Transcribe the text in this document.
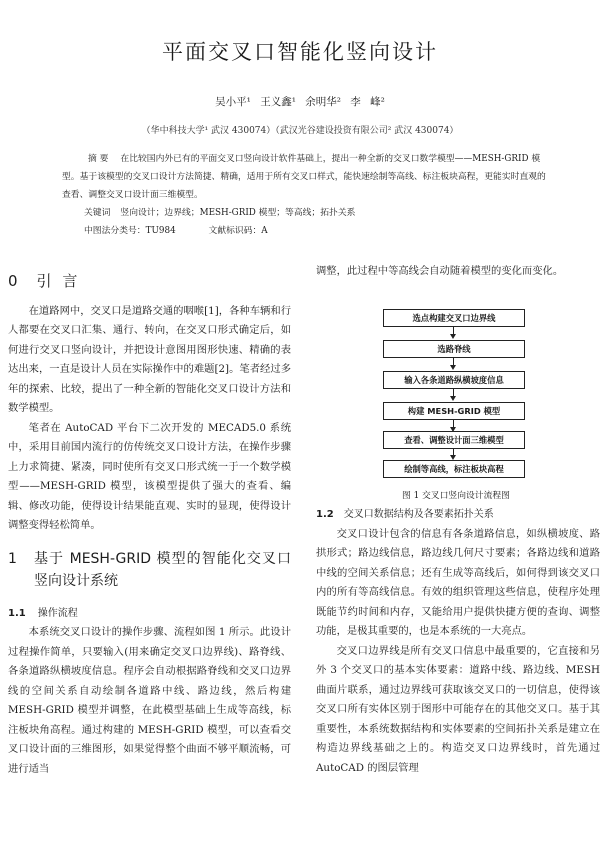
平面交叉口智能化竖向设计
吴小平¹ 王义鑫¹ 余明华² 李 峰²
（华中科技大学¹ 武汉 430074）（武汉光谷建设投资有限公司² 武汉 430074）
摘 要 在比较国内外已有的平面交叉口竖向设计软件基础上，提出一种全新的交叉口数学模型——MESH-GRID 模型。基于该模型的交叉口设计方法简捷、精确，适用于所有交叉口样式，能快速绘制等高线、标注板块高程，更能实时直观的查看、调整交叉口设计面三维模型。
关键词 竖向设计；边界线；MESH-GRID 模型；等高线；拓扑关系
中图法分类号：TU984	文献标识码：A
0 引 言

在道路网中，交叉口是道路交通的咽喉[1]，各种车辆和行人都要在交叉口汇集、通行、转向，在交叉口形式确定后，如何进行交叉口竖向设计，并把设计意图用图形快速、精确的表达出来，一直是设计人员在实际操作中的难题[2]。笔者经过多年的探索、比较，提出了一种全新的智能化交叉口设计方法和数学模型。

笔者在 AutoCAD 平台下二次开发的 MECAD5.0 系统中，采用目前国内流行的仿传统交叉口设计方法，在操作步骤上力求简捷、紧凑，同时使所有交叉口形式统一于一个数学模型——MESH-GRID 模型，该模型提供了强大的查看、编辑、修改功能，使得设计结果能直观、实时的显现，使得设计调整变得轻松简单。

1	基于 MESH-GRID 模型的智能化交叉口竖向设计系统
1.1 操作流程

本系统交叉口设计的操作步骤、流程如图 1 所示。此设计过程操作简单，只要输入(用来确定交叉口边界线)、路脊线、各条道路纵横坡度信息。程序会自动根据路脊线和交叉口边界线的空间关系自动绘制各道路中线、路边线，然后构建 MESH-GRID 模型并调整，在此模型基础上生成等高线，标注板块角高程。通过构建的 MESH-GRID 模型，可以查看交叉口设计面的三维图形，如果觉得整个曲面不够平顺流畅，可进行适当

调整，此过程中等高线会自动随着模型的变化而变化。

选点构建交叉口边界线
选路脊线
输入各条道路纵横坡度信息
构建 MESH-GRID 模型
查看、调整设计面三维模型
绘制等高线，标注板块高程
图 1 交叉口竖向设计流程图
1.2 交叉口数据结构及各要素拓扑关系

交叉口设计包含的信息有各条道路信息，如纵横坡度、路拱形式；路边线信息，路边线几何尺寸要素；各路边线和道路中线的空间关系信息；还有生成等高线后，如何得到该交叉口内的所有等高线信息。有效的组织管理这些信息，使程序处理既能节约时间和内存，又能给用户提供快捷方便的查询、调整功能，是极其重要的，也是本系统的一大亮点。

交叉口边界线是所有交叉口信息中最重要的，它直接和另外 3 个交叉口的基本实体要素：道路中线、路边线、MESH 曲面片联系，通过边界线可获取该交叉口的一切信息，使得该交叉口所有实体区别于图形中可能存在的其他交叉口。基于其重要性，本系统数据结构和实体要素的空间拓扑关系是建立在构造边界线基础之上的。构造交叉口边界线时，首先通过 AutoCAD 的图层管理
